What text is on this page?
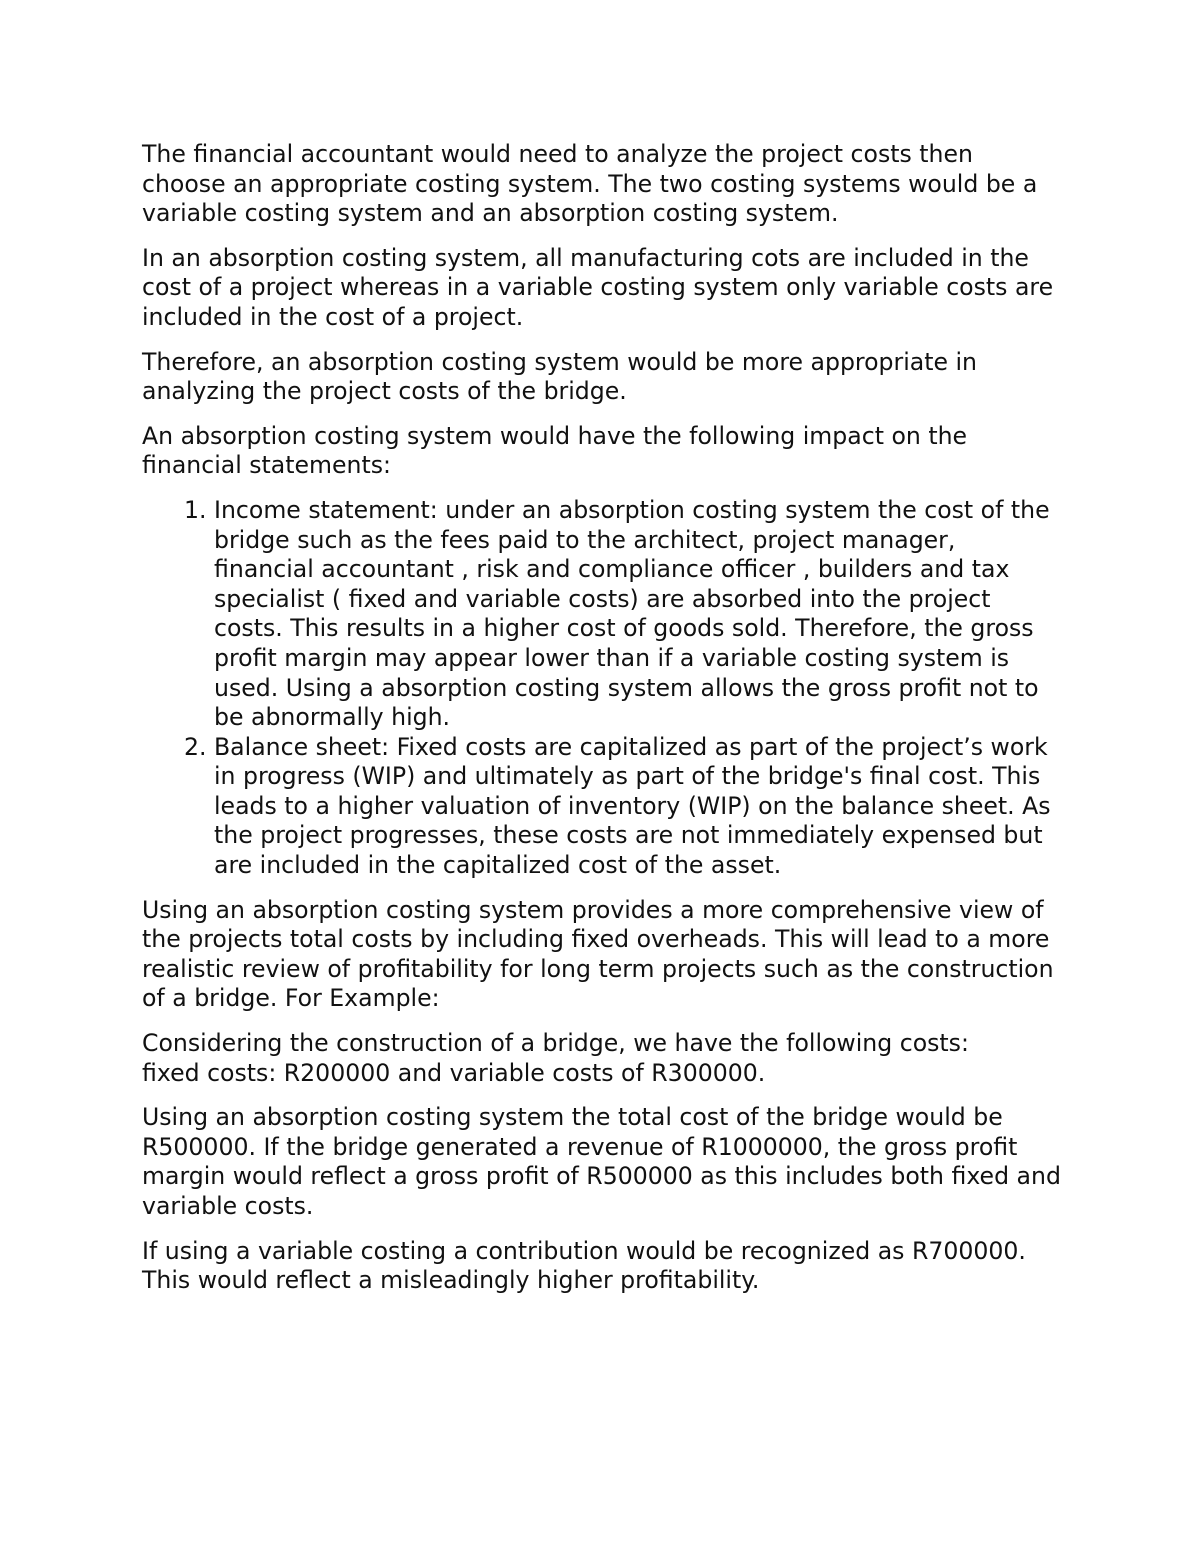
The financial accountant would need to analyze the project costs then choose an appropriate costing system. The two costing systems would be a variable costing system and an absorption costing system.

In an absorption costing system, all manufacturing cots are included in the cost of a project whereas in a variable costing system only variable costs are included in the cost of a project.

Therefore, an absorption costing system would be more appropriate in analyzing the project costs of the bridge.

An absorption costing system would have the following impact on the financial statements:

1. Income statement: under an absorption costing system the cost of the bridge such as the fees paid to the architect, project manager, financial accountant , risk and compliance officer , builders and tax specialist ( fixed and variable costs) are absorbed into the project costs. This results in a higher cost of goods sold. Therefore, the gross profit margin may appear lower than if a variable costing system is used. Using a absorption costing system allows the gross profit not to be abnormally high.
2. Balance sheet: Fixed costs are capitalized as part of the project’s work in progress (WIP) and ultimately as part of the bridge's final cost. This leads to a higher valuation of inventory (WIP) on the balance sheet. As the project progresses, these costs are not immediately expensed but are included in the capitalized cost of the asset.

Using an absorption costing system provides a more comprehensive view of the projects total costs by including fixed overheads. This will lead to a more realistic review of profitability for long term projects such as the construction of a bridge. For Example:

Considering the construction of a bridge, we have the following costs:
fixed costs: R200000 and variable costs of R300000.

Using an absorption costing system the total cost of the bridge would be R500000. If the bridge generated a revenue of R1000000, the gross profit margin would reflect a gross profit of R500000 as this includes both fixed and variable costs.

If using a variable costing a contribution would be recognized as R700000. This would reflect a misleadingly higher profitability.
